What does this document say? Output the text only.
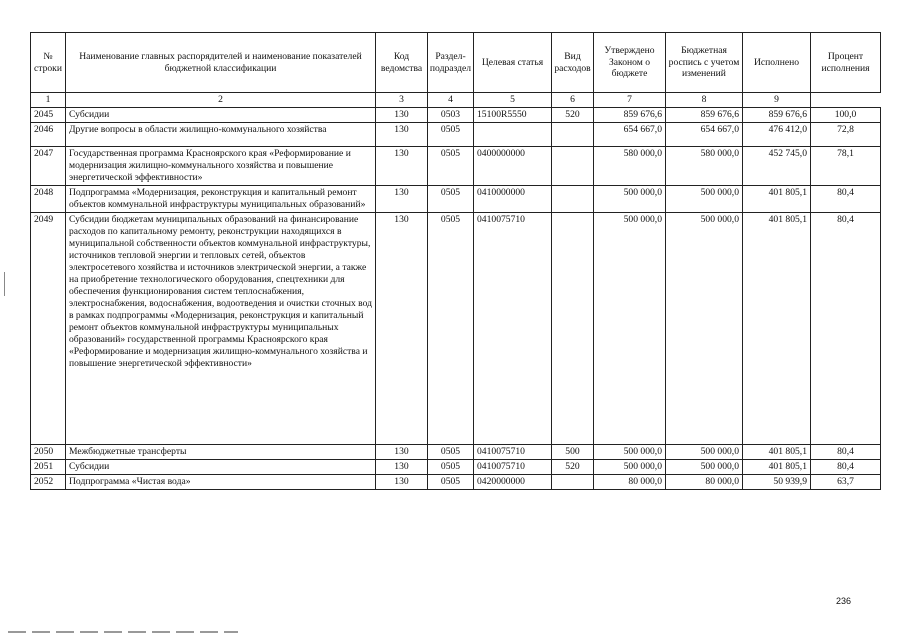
№ строки	Наименование главных распорядителей и наименование показателей бюджетной классификации	Код ведомства	Раздел-подраздел	Целевая статья	Вид расходов	Утверждено Законом о бюджете	Бюджетная роспись с учетом изменений	Исполнено	Процент исполнения
1	2	3	4	5	6	7	8	9	
2045	Субсидии	130	0503	15100R5550	520	859 676,6	859 676,6	859 676,6	100,0
2046	Другие вопросы в области жилищно-коммунального хозяйства	130	0505			654 667,0	654 667,0	476 412,0	72,8
2047	Государственная программа Красноярского края «Реформирование и модернизация жилищно-коммунального хозяйства и повышение энергетической эффективности»	130	0505	0400000000		580 000,0	580 000,0	452 745,0	78,1
2048	Подпрограмма «Модернизация, реконструкция и капитальный ремонт объектов коммунальной инфраструктуры муниципальных образований»	130	0505	0410000000		500 000,0	500 000,0	401 805,1	80,4
2049	Субсидии бюджетам муниципальных образований на финансирование расходов по капитальному ремонту, реконструкции находящихся в муниципальной собственности объектов коммунальной инфраструктуры, источников тепловой энергии и тепловых сетей, объектов электросетевого хозяйства и источников электрической энергии, а также на приобретение технологического оборудования, спецтехники для обеспечения функционирования систем теплоснабжения, электроснабжения, водоснабжения, водоотведения и очистки сточных вод в рамках подпрограммы «Модернизация, реконструкция и капитальный ремонт объектов коммунальной инфраструктуры муниципальных образований» государственной программы Красноярского края «Реформирование и модернизация жилищно-коммунального хозяйства и повышение энергетической эффективности»	130	0505	0410075710		500 000,0	500 000,0	401 805,1	80,4
2050	Межбюджетные трансферты	130	0505	0410075710	500	500 000,0	500 000,0	401 805,1	80,4
2051	Субсидии	130	0505	0410075710	520	500 000,0	500 000,0	401 805,1	80,4
2052	Подпрограмма «Чистая вода»	130	0505	0420000000		80 000,0	80 000,0	50 939,9	63,7
236
